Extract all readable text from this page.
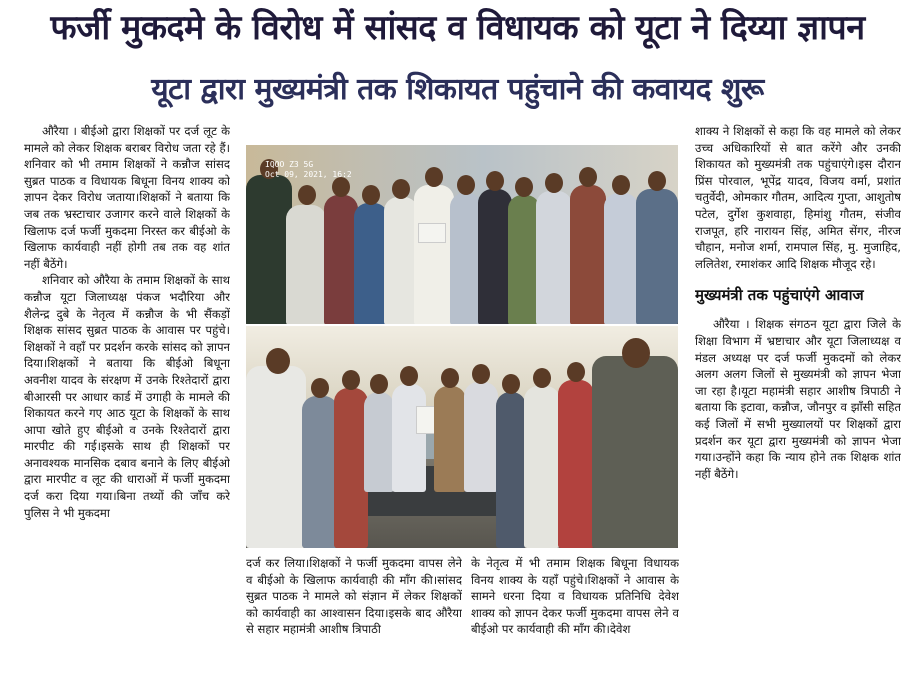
फर्जी मुकदमे के विरोध में सांसद व विधायक को यूटा ने दिय्या ज्ञापन
यूटा द्वारा मुख्यमंत्री तक शिकायत पहुंचाने की कवायद शुरू

औरैया । बीईओ द्वारा शिक्षकों पर दर्ज लूट के मामले को लेकर शिक्षक बराबर विरोध जता रहे हैं।शनिवार को भी तमाम शिक्षकों ने कन्नौज सांसद सुब्रत पाठक व विधायक बिधूना विनय शाक्य को ज्ञापन देकर विरोध जताया।शिक्षकों ने बताया कि जब तक भ्रस्टाचार उजागर करने वाले शिक्षकों के खिलाफ दर्ज फर्जी मुकदमा निरस्त कर बीईओ के खिलाफ कार्यवाही नहीं होगी तब तक वह शांत नहीं बैठेंगे।

शनिवार को औरैया के तमाम शिक्षकों के साथ कन्नौज यूटा जिलाध्यक्ष पंकज भदौरिया और शैलेन्द्र दुबे के नेतृत्व में कन्नौज के भी सैंकड़ों शिक्षक सांसद सुब्रत पाठक के आवास पर पहुंचे।शिक्षकों ने वहाँ पर प्रदर्शन करके सांसद को ज्ञापन दिया।शिक्षकों ने बताया कि बीईओ बिधूना अवनीश यादव के संरक्षण में उनके रिश्तेदारों द्वारा बीआरसी पर आधार कार्ड में उगाही के मामले की शिकायत करने गए आठ यूटा के शिक्षकों के साथ आपा खोते हुए बीईओ व उनके रिश्तेदारों द्वारा मारपीट की गई।इसके साथ ही शिक्षकों पर अनावश्यक मानसिक दबाव बनाने के लिए बीईओ द्वारा मारपीट व लूट की धाराओं में फर्जी मुकदमा दर्ज करा दिया गया।बिना तथ्यों की जाँच करे पुलिस ने भी मुकदमा

IQOO Z3 5G
Oct 09, 2021, 16:2

दर्ज कर लिया।शिक्षकों ने फर्जी मुकदमा वापस लेने व बीईओ के खिलाफ कार्यवाही की माँग की।सांसद सुब्रत पाठक ने मामले को संज्ञान में लेकर शिक्षकों को कार्यवाही का आश्वासन दिया।इसके बाद औरैया से सहार महामंत्री आशीष त्रिपाठी

के नेतृत्व में भी तमाम शिक्षक बिधूना विधायक विनय शाक्य के यहाँ पहुंचे।शिक्षकों ने आवास के सामने धरना दिया व विधायक प्रतिनिधि देवेश शाक्य को ज्ञापन देकर फर्जी मुकदमा वापस लेने व बीईओ पर कार्यवाही की माँग की।देवेश

शाक्य ने शिक्षकों से कहा कि वह मामले को लेकर उच्च अधिकारियों से बात करेंगे और उनकी शिकायत को मुख्यमंत्री तक पहुंचाएंगे।इस दौरान प्रिंस पोरवाल, भूपेंद्र यादव, विजय वर्मा, प्रशांत चतुर्वेदी, ओमकार गौतम, आदित्य गुप्ता, आशुतोष पटेल, दुर्गेश कुशवाहा, हिमांशु गौतम, संजीव राजपूत, हरि नारायन सिंह, अमित सेंगर, नीरज चौहान, मनोज शर्मा, रामपाल सिंह, मु. मुजाहिद, ललितेश, रमाशंकर आदि शिक्षक मौजूद रहे।

मुख्यमंत्री तक पहुंचाएंगे आवाज

औरैया । शिक्षक संगठन यूटा द्वारा जिले के शिक्षा विभाग में भ्रष्टाचार और यूटा जिलाध्यक्ष व मंडल अध्यक्ष पर दर्ज फर्जी मुकदमों को लेकर अलग अलग जिलों से मुख्यमंत्री को ज्ञापन भेजा जा रहा है।यूटा महामंत्री सहार आशीष त्रिपाठी ने बताया कि इटावा, कन्नौज, जौनपुर व झाँसी सहित कई जिलों में सभी मुख्यालयों पर शिक्षकों द्वारा प्रदर्शन कर यूटा द्वारा मुख्यमंत्री को ज्ञापन भेजा गया।उन्होंने कहा कि न्याय होने तक शिक्षक शांत नहीं बैठेंगे।
